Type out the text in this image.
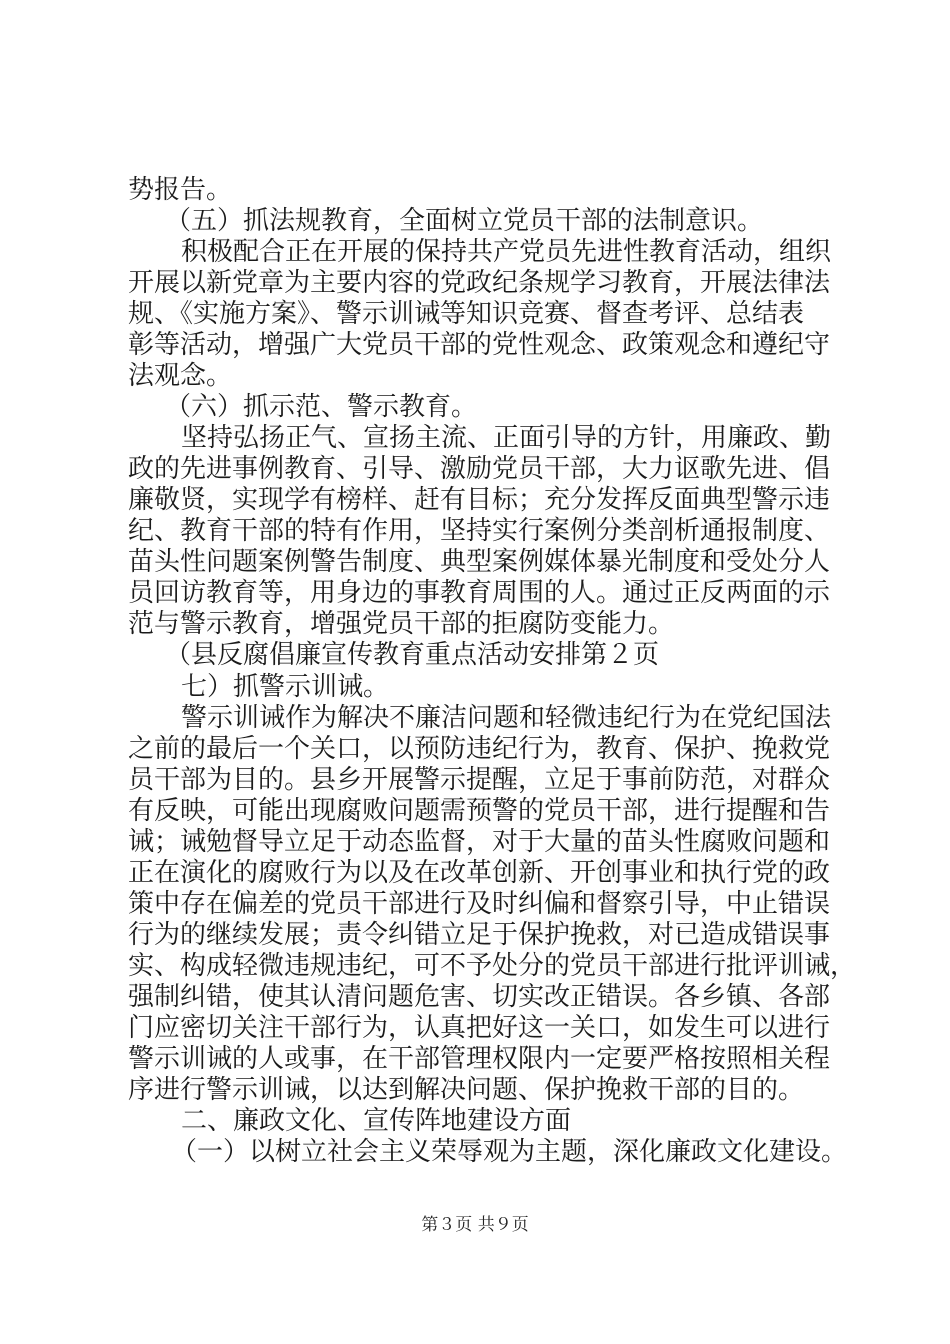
势报告。
（五）抓法规教育，全面树立党员干部的法制意识。
积极配合正在开展的保持共产党员先进性教育活动，组织
开展以新党章为主要内容的党政纪条规学习教育，开展法律法
规、《实施方案》、警示训诫等知识竞赛、督查考评、总结表
彰等活动，增强广大党员干部的党性观念、政策观念和遵纪守
法观念。
（六）抓示范、警示教育。
坚持弘扬正气、宣扬主流、正面引导的方针，用廉政、勤
政的先进事例教育、引导、激励党员干部，大力讴歌先进、倡
廉敬贤，实现学有榜样、赶有目标；充分发挥反面典型警示违
纪、教育干部的特有作用，坚持实行案例分类剖析通报制度、
苗头性问题案例警告制度、典型案例媒体暴光制度和受处分人
员回访教育等，用身边的事教育周围的人。通过正反两面的示
范与警示教育，增强党员干部的拒腐防变能力。
（县反腐倡廉宣传教育重点活动安排第２页
七）抓警示训诫。
警示训诫作为解决不廉洁问题和轻微违纪行为在党纪国法
之前的最后一个关口，以预防违纪行为，教育、保护、挽救党
员干部为目的。县乡开展警示提醒，立足于事前防范，对群众
有反映，可能出现腐败问题需预警的党员干部，进行提醒和告
诫；诫勉督导立足于动态监督，对于大量的苗头性腐败问题和
正在演化的腐败行为以及在改革创新、开创事业和执行党的政
策中存在偏差的党员干部进行及时纠偏和督察引导，中止错误
行为的继续发展；责令纠错立足于保护挽救，对已造成错误事
实、构成轻微违规违纪，可不予处分的党员干部进行批评训诫，
强制纠错，使其认清问题危害、切实改正错误。各乡镇、各部
门应密切关注干部行为，认真把好这一关口，如发生可以进行
警示训诫的人或事，在干部管理权限内一定要严格按照相关程
序进行警示训诫，以达到解决问题、保护挽救干部的目的。
二、廉政文化、宣传阵地建设方面
（一）以树立社会主义荣辱观为主题，深化廉政文化建设。
第３页 共９页
